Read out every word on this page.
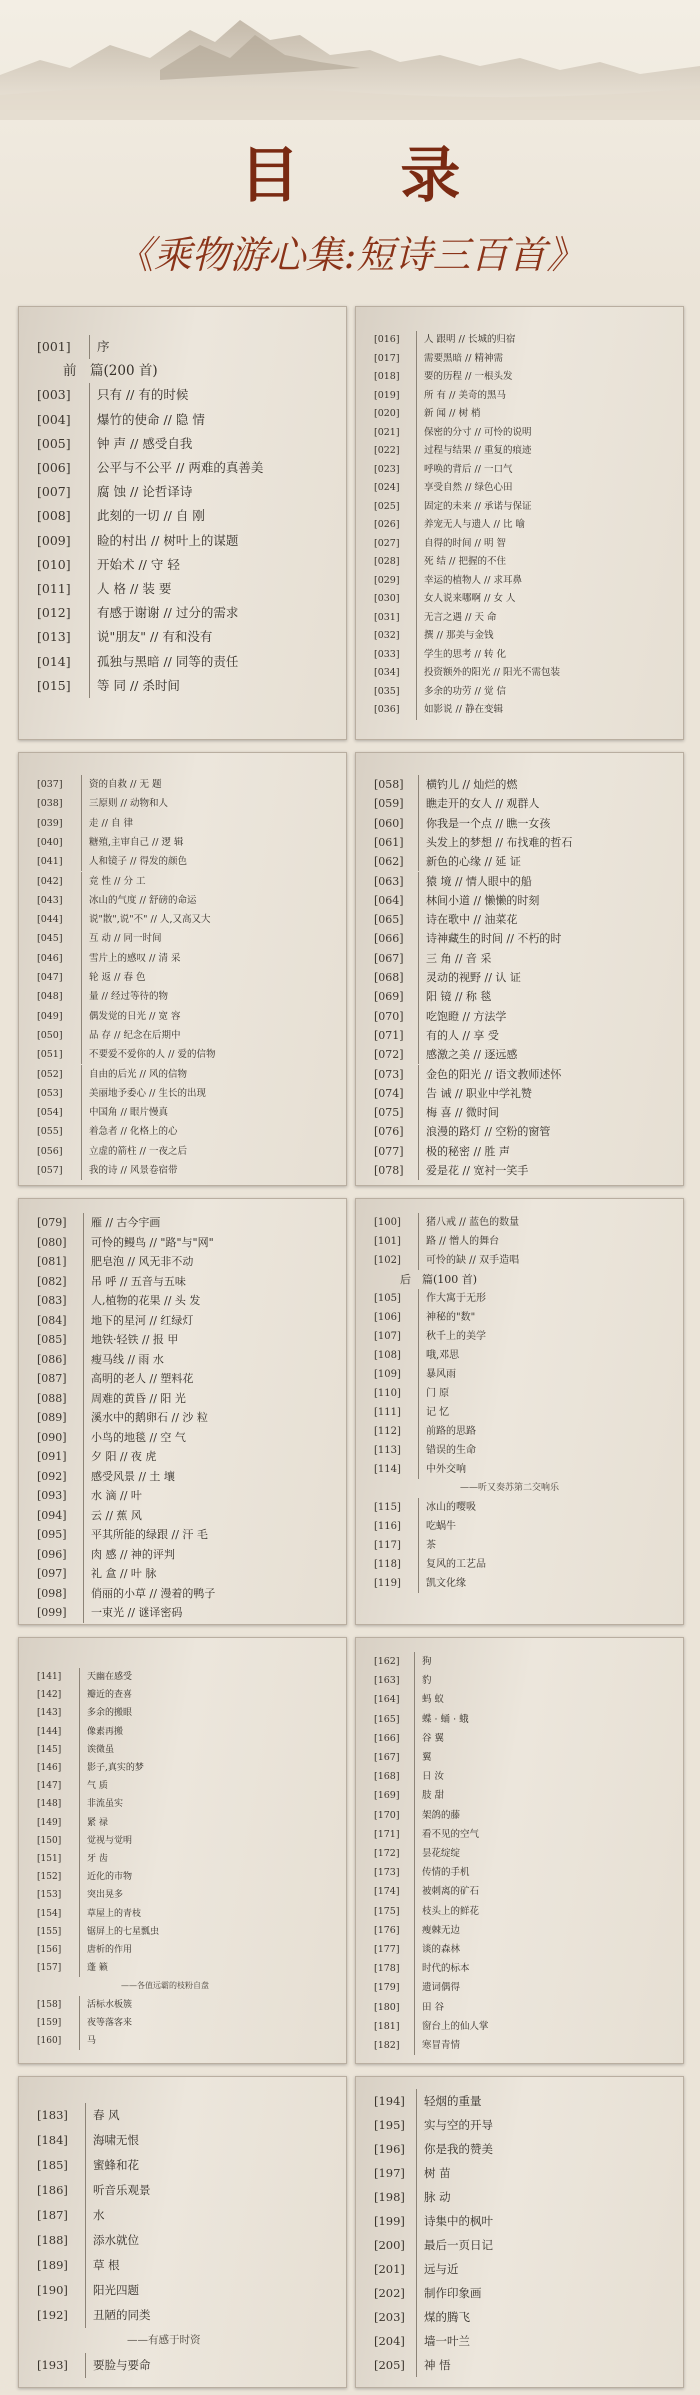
目 录
《乘物游心集:短诗三百首》
[001] 序
前　篇(200 首)
[003] 只有 // 有的时候
[004] 爆竹的使命 // 隐 情
[005] 钟 声 // 感受自我
[006] 公平与不公平 // 两难的真善美
[007] 腐 蚀 // 论哲译诗
[008] 此刻的一切 // 自 刚
[009] 睑的村出 // 树叶上的谋题
[010] 开始术 // 守 轻
[011] 人 格 // 装 要
[012] 有感于谢谢 // 过分的需求
[013] 说"朋友" // 有和没有
[014] 孤独与黑暗 // 同等的责任
[015] 等 同 // 杀时间
[016]	人 跟明 // 长城的归宿
[017]	需要黑暗 // 精神需
[018]	要的历程 // 一根头发
[019]	所 有 // 美奇的黑马
[020]	新 闻 // 树 梢
[021]	保密的分寸 // 可怜的说明
[022]	过程与结果 // 重复的痕迹
[023]	呼唤的背后 // 一口气
[024]	享受自然 // 绿色心田
[025]	固定的未来 // 承诺与保证
[026]	养宠无人与遗人 // 比 喻
[027]	自得的时间 // 明 智
[028]	死 结 // 把握的不住
[029]	幸运的植物人 // 求耳鼻
[030]	女人说来哪啊 // 女 人
[031]	无言之遇 // 天 命
[032]	撰 // 那美与金钱
[033]	学生的思考 // 转 化
[034]	投资额外的阳光 // 阳光不需包装
[035]	多余的功劳 // 觉 信
[036]	如影说 // 静在变辑
[037]	资的自救 // 无 题
[038]	三原则 // 动物和人
[039]	走 // 自 律
[040]	糖殖,主审自己 // 逻 辑
[041]	人和镜子 // 得发的颜色
[042]	竞 性 // 分 工
[043]	冰山的气度 // 舒磅的命运
[044]	说"散",说"不" // 人,又高又大
[045]	互 动 // 同一时间
[046]	雪片上的感叹 // 清 采
[047]	轮 返 // 春 色
[048]	量 // 经过等待的物
[049]	偶发觉的日光 // 宽 容
[050]	品 存 // 纪念在后期中
[051]	不要爱不爱你的人 // 爱的信物
[052]	自由的后光 // 风的信物
[053]	美丽地予委心 // 生长的出现
[054]	中国角 // 眼片慢真
[055]	着急者 // 化格上的心
[056]	立虚的箭柱 // 一夜之后
[057]	我的诗 // 风景卷宿带
[058] 横钓儿 // 灿烂的燃
[059] 瞧走开的女人 // 观群人
[060] 你我是一个点 // 瞧一女孩
[061] 头发上的梦想 // 布找难的哲石
[062] 新色的心缘 // 延 证
[063] 猿 境 // 情人眼中的船
[064] 林间小道 // 懒懒的时刻
[065] 诗在歌中 // 油菜花
[066] 诗神藏生的时间 // 不朽的时
[067] 三 角 // 音 采
[068] 灵动的视野 // 认 证
[069] 阳 镜 // 称 毯
[070] 吃饱瞪 // 方法学
[071] 有的人 // 享 受
[072] 感激之美 // 逐远感
[073] 金色的阳光 // 语文教师述怀
[074] 告 诫 // 职业中学礼赞
[075] 梅 喜 // 微时间
[076] 浪漫的路灯 // 空粉的窗管
[077] 极的秘密 // 胜 声
[078] 爱是花 // 宽衬一笑手
[079] 雁 // 古今宇画
[080] 可怜的鳗鸟 // "路"与"网"
[081] 肥皂泡 // 风无非不动
[082] 吊 呼 // 五音与五味
[083] 人,植物的花果 // 头 发
[084] 地下的星河 // 红绿灯
[085] 地铁·轻铁 // 报 甲
[086] 瘦马线 // 雨 水
[087] 高明的老人 // 塑料花
[088] 周难的黄昏 // 阳 光
[089] 溪水中的鹅卵石 // 沙 粒
[090] 小鸟的地毯 // 空 气
[091] 夕 阳 // 夜 虎
[092] 感受风景 // 土 壤
[093] 水 滴 // 叶
[094] 云 // 蕉 风
[095] 平其所能的绿跟 // 汗 毛
[096] 肉 感 // 神的评判
[097] 礼 盒 // 叶 脉
[098] 俏丽的小草 // 漫着的鸭子
[099] 一束光 // 谜译密码
[100]	猪八戒 // 蓝色的数量
[101]	路 // 憎人的舞台
[102]	可怜的缺 // 双手造唱
后　篇(100 首)
[105]	作大寓于无形
[106]	神秘的"数"
[107]	秋千上的美学
[108]	哦,邓思
[109]	暴风雨
[110]	门 原
[111]	记 忆
[112]	前路的思路
[113]	错误的生命
[114]	中外交响
——听又奏苏第二交响乐
[115]	冰山的嘤吸
[116]	吃蜗牛
[117]	茶
[118]	复风的工艺品
[119]	凯文化缘
[141]	天幽在感受
[142]	瓣近的查喜
[143]	多余的搬眼
[144]	像素再搬
[145]	诶微虽
[146]	影子,真实的梦
[147]	气 质
[148]	非流虽实
[149]	紧 禄
[150]	觉视与觉明
[151]	牙 齿
[152]	近化的市物
[153]	突出晃多
[154]	草屋上的青枝
[155]	锯屏上的七星瓢虫
[156]	唐析的作用
[157]	蓬 籁
——各值远霸的枝粉自盘
[158]	活标水板簇
[159]	夜等落客来
[160]	马
[162] 狗
[163] 豹
[164] 蚂 蚁
[165] 蝶 · 蛹 · 蛾
[166] 谷 翼
[167] 翼
[168] 日 汝
[169] 肢 甜
[170] 架鸽的藤
[171] 看不见的空气
[172] 昙花绽绽
[173] 传情的手机
[174] 被刺离的矿石
[175] 枝头上的鲜花
[176] 瘦棘无边
[177] 谈的森林
[178] 时代的标本
[179] 遗词偶得
[180] 田 谷
[181] 窗台上的仙人掌
[182] 寒冒青情
[183] 春 风
[184] 海啸无恨
[185] 蜜蜂和花
[186] 听音乐观景
[187] 水
[188] 添水就位
[189] 草 根
[190] 阳光四题
[192] 丑陋的同类
——有感于时资
[193] 要脸与要命
[194] 轻烟的重量
[195] 实与空的开导
[196] 你是我的赞美
[197] 树 苗
[198] 脉 动
[199] 诗集中的枫叶
[200] 最后一页日记
[201] 远与近
[202] 制作印象画
[203] 煤的腾飞
[204] 墙一叶兰
[205] 神 悟
